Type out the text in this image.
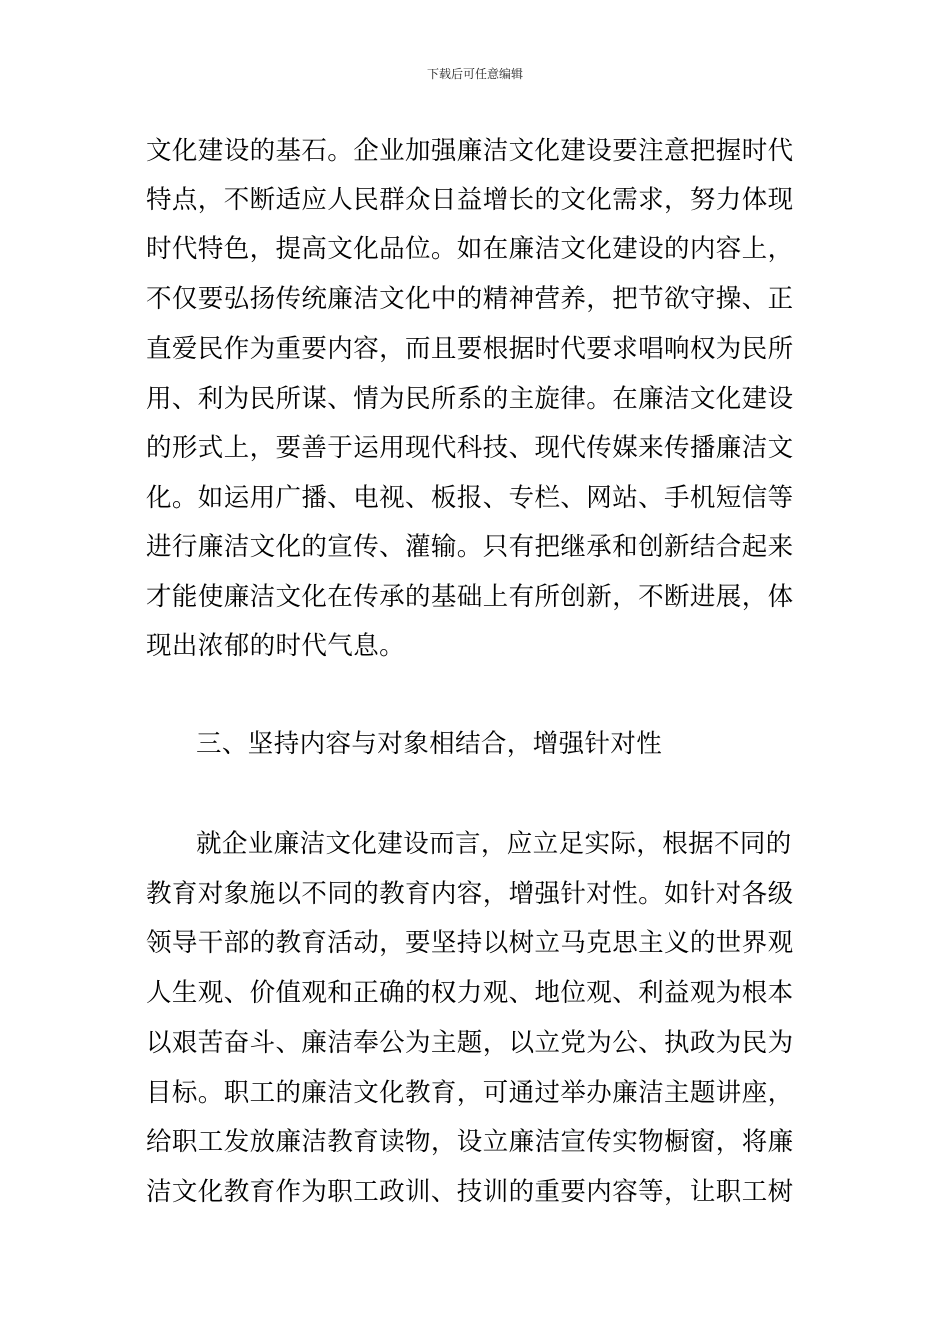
下载后可任意编辑
文化建设的基石。企业加强廉洁文化建设要注意把握时代
特点，不断适应人民群众日益增长的文化需求，努力体现
时代特色，提高文化品位。如在廉洁文化建设的内容上，
不仅要弘扬传统廉洁文化中的精神营养，把节欲守操、正
直爱民作为重要内容，而且要根据时代要求唱响权为民所
用、利为民所谋、情为民所系的主旋律。在廉洁文化建设
的形式上，要善于运用现代科技、现代传媒来传播廉洁文
化。如运用广播、电视、板报、专栏、网站、手机短信等
进行廉洁文化的宣传、灌输。只有把继承和创新结合起来
才能使廉洁文化在传承的基础上有所创新，不断进展，体
现出浓郁的时代气息。
三、坚持内容与对象相结合，增强针对性
就企业廉洁文化建设而言，应立足实际，根据不同的
教育对象施以不同的教育内容，增强针对性。如针对各级
领导干部的教育活动，要坚持以树立马克思主义的世界观
人生观、价值观和正确的权力观、地位观、利益观为根本
以艰苦奋斗、廉洁奉公为主题，以立党为公、执政为民为
目标。职工的廉洁文化教育，可通过举办廉洁主题讲座，
给职工发放廉洁教育读物，设立廉洁宣传实物橱窗，将廉
洁文化教育作为职工政训、技训的重要内容等，让职工树
